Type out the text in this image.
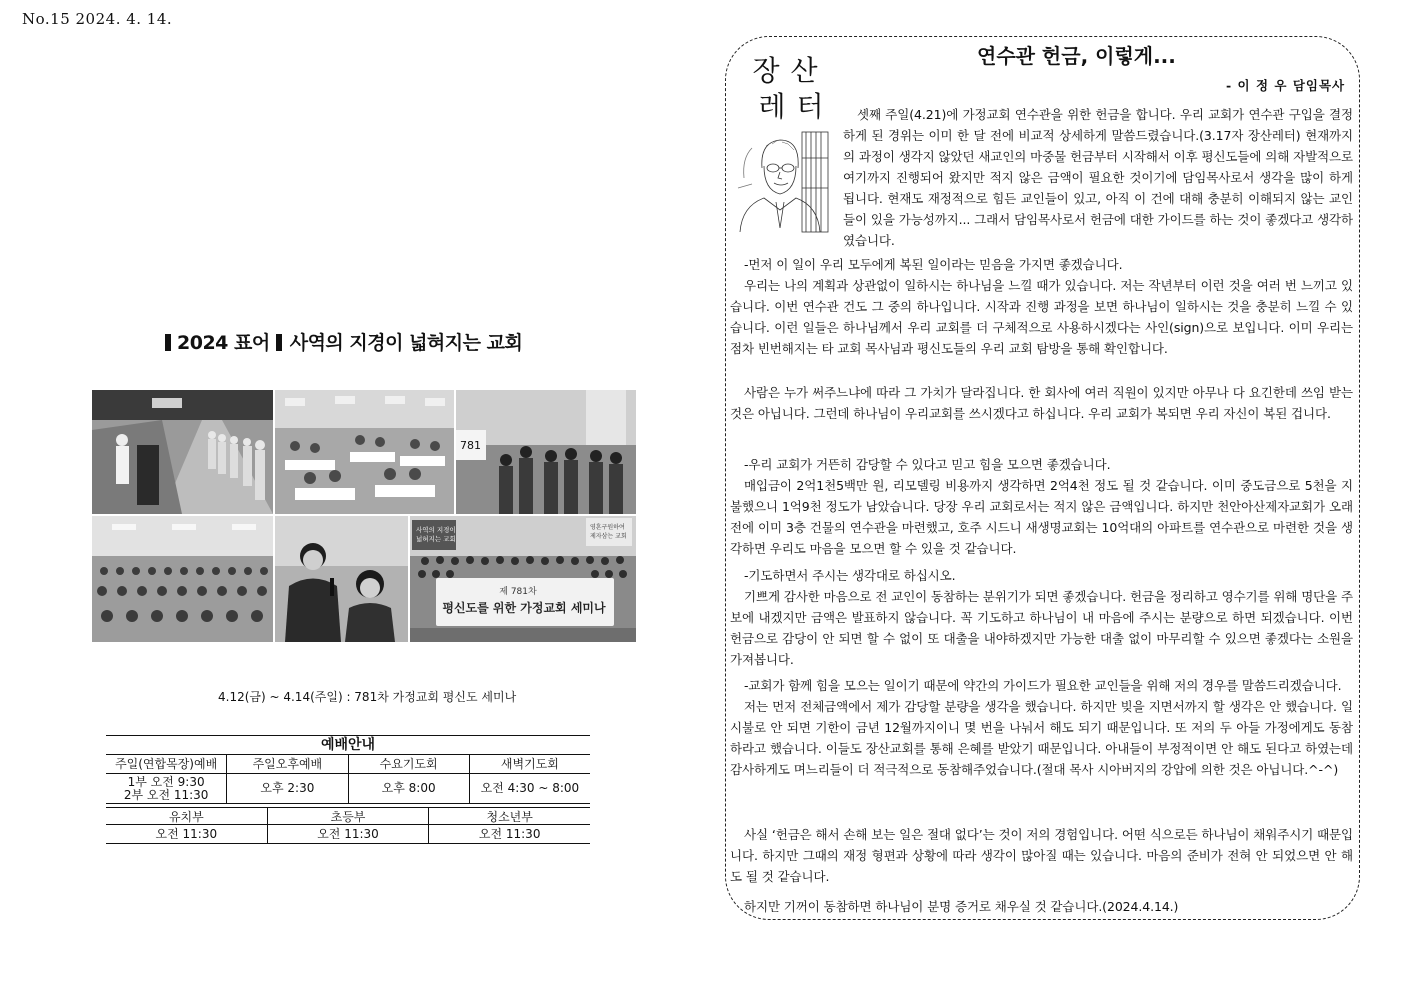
No.15 2024. 4. 14.
2024 표어 사역의 지경이 넓혀지는 교회
781
사역의 지경이
넓혀지는 교회
영혼구원하여
제자삼는 교회
제 781차
평신도를 위한 가정교회 세미나
4.12(금) ~ 4.14(주일) : 781차 가정교회 평신도 세미나
예배안내
주일(연합목장)예배	주일오후예배	수요기도회	새벽기도회
1부 오전 9:30
2부 오전 11:30	오후 2:30	오후 8:00	오전 4:30 ~ 8:00
유치부	초등부	청소년부
오전 11:30	오전 11:30	오전 11:30
장 산
레 터
연수관 헌금, 이렇게...
- 이 정 우 담임목사
셋째 주일(4.21)에 가정교회 연수관을 위한 헌금을 합니다. 우리 교회가 연수관 구입을 결정하게 된 경위는 이미 한 달 전에 비교적 상세하게 말씀드렸습니다.(3.17자 장산레터) 현재까지의 과정이 생각지 않았던 새교인의 마중물 헌금부터 시작해서 이후 평신도들에 의해 자발적으로 여기까지 진행되어 왔지만 적지 않은 금액이 필요한 것이기에 담임목사로서 생각을 많이 하게 됩니다. 현재도 재정적으로 힘든 교인들이 있고, 아직 이 건에 대해 충분히 이해되지 않는 교인들이 있을 가능성까지... 그래서 담임목사로서 헌금에 대한 가이드를 하는 것이 좋겠다고 생각하였습니다.

-먼저 이 일이 우리 모두에게 복된 일이라는 믿음을 가지면 좋겠습니다.

우리는 나의 계획과 상관없이 일하시는 하나님을 느낄 때가 있습니다. 저는 작년부터 이런 것을 여러 번 느끼고 있습니다. 이번 연수관 건도 그 중의 하나입니다. 시작과 진행 과정을 보면 하나님이 일하시는 것을 충분히 느낄 수 있습니다. 이런 일들은 하나님께서 우리 교회를 더 구체적으로 사용하시겠다는 사인(sign)으로 보입니다. 이미 우리는 점차 빈번해지는 타 교회 목사님과 평신도들의 우리 교회 탐방을 통해 확인합니다.

사람은 누가 써주느냐에 따라 그 가치가 달라집니다. 한 회사에 여러 직원이 있지만 아무나 다 요긴한데 쓰임 받는 것은 아닙니다. 그런데 하나님이 우리교회를 쓰시겠다고 하십니다. 우리 교회가 복되면 우리 자신이 복된 겁니다.

-우리 교회가 거뜬히 감당할 수 있다고 믿고 힘을 모으면 좋겠습니다.

매입금이 2억1천5백만 원, 리모델링 비용까지 생각하면 2억4천 정도 될 것 같습니다. 이미 중도금으로 5천을 지불했으니 1억9천 정도가 남았습니다. 당장 우리 교회로서는 적지 않은 금액입니다. 하지만 천안아산제자교회가 오래전에 이미 3층 건물의 연수관을 마련했고, 호주 시드니 새생명교회는 10억대의 아파트를 연수관으로 마련한 것을 생각하면 우리도 마음을 모으면 할 수 있을 것 같습니다.

-기도하면서 주시는 생각대로 하십시오.

기쁘게 감사한 마음으로 전 교인이 동참하는 분위기가 되면 좋겠습니다. 헌금을 정리하고 영수기를 위해 명단을 주보에 내겠지만 금액은 발표하지 않습니다. 꼭 기도하고 하나님이 내 마음에 주시는 분량으로 하면 되겠습니다. 이번 헌금으로 감당이 안 되면 할 수 없이 또 대출을 내야하겠지만 가능한 대출 없이 마무리할 수 있으면 좋겠다는 소원을 가져봅니다.

-교회가 함께 힘을 모으는 일이기 때문에 약간의 가이드가 필요한 교인들을 위해 저의 경우를 말씀드리겠습니다.

저는 먼저 전체금액에서 제가 감당할 분량을 생각을 했습니다. 하지만 빚을 지면서까지 할 생각은 안 했습니다. 일시불로 안 되면 기한이 금년 12월까지이니 몇 번을 나눠서 해도 되기 때문입니다. 또 저의 두 아들 가정에게도 동참하라고 했습니다. 이들도 장산교회를 통해 은혜를 받았기 때문입니다. 아내들이 부정적이면 안 해도 된다고 하였는데 감사하게도 며느리들이 더 적극적으로 동참해주었습니다.(절대 목사 시아버지의 강압에 의한 것은 아닙니다.^-^)

사실 ‘헌금은 해서 손해 보는 일은 절대 없다’는 것이 저의 경험입니다. 어떤 식으로든 하나님이 채워주시기 때문입니다. 하지만 그때의 재정 형편과 상황에 따라 생각이 많아질 때는 있습니다. 마음의 준비가 전혀 안 되었으면 안 해도 될 것 같습니다.

하지만 기꺼이 동참하면 하나님이 분명 증거로 채우실 것 같습니다.(2024.4.14.)
